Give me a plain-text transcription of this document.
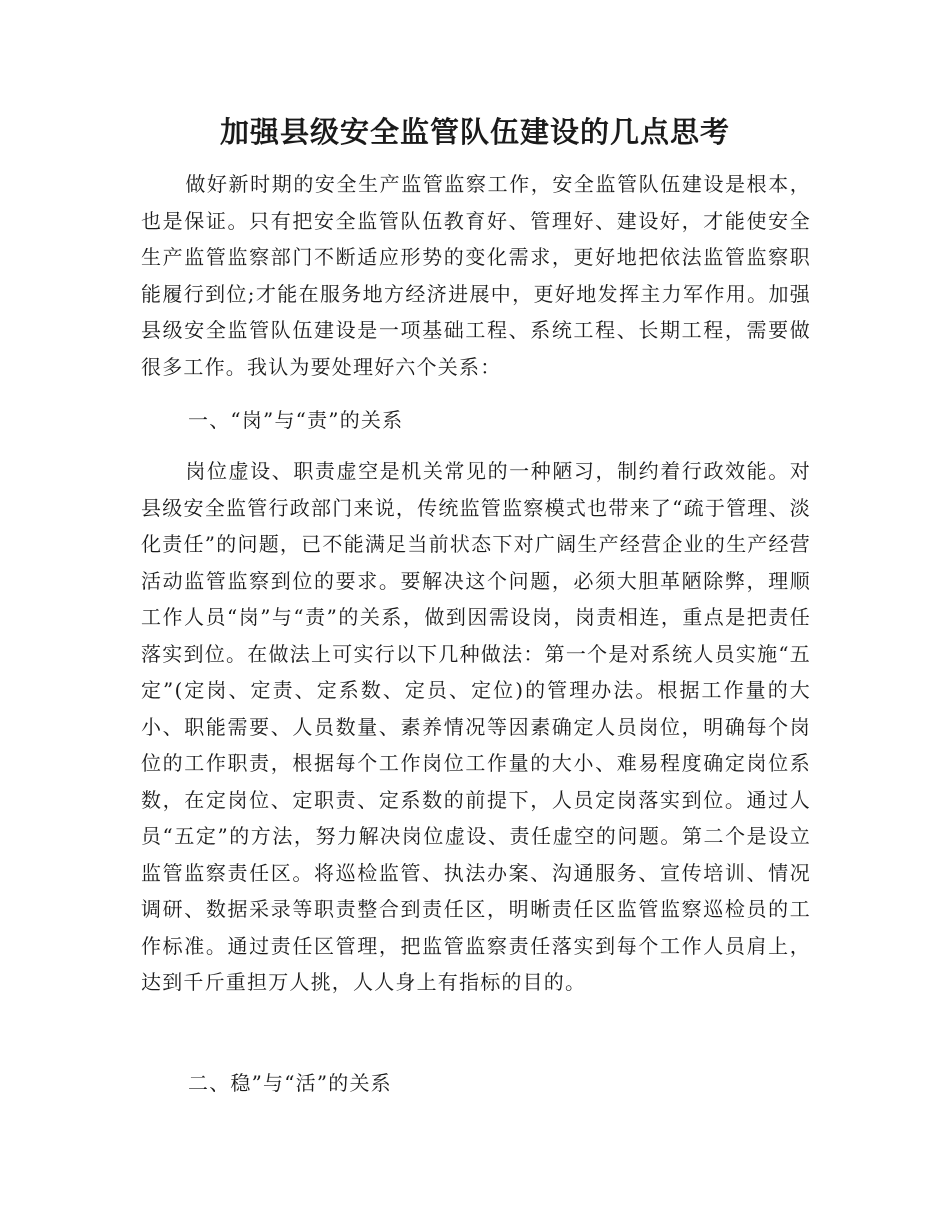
加强县级安全监管队伍建设的几点思考

做好新时期的安全生产监管监察工作，安全监管队伍建设是根本，也是保证。只有把安全监管队伍教育好、管理好、建设好，才能使安全生产监管监察部门不断适应形势的变化需求，更好地把依法监管监察职能履行到位;才能在服务地方经济进展中，更好地发挥主力军作用。加强县级安全监管队伍建设是一项基础工程、系统工程、长期工程，需要做很多工作。我认为要处理好六个关系：

一、“岗”与“责”的关系

岗位虚设、职责虚空是机关常见的一种陋习，制约着行政效能。对县级安全监管行政部门来说，传统监管监察模式也带来了“疏于管理、淡化责任”的问题，已不能满足当前状态下对广阔生产经营企业的生产经营活动监管监察到位的要求。要解决这个问题，必须大胆革陋除弊，理顺工作人员“岗”与“责”的关系，做到因需设岗，岗责相连，重点是把责任落实到位。在做法上可实行以下几种做法：第一个是对系统人员实施“五定”(定岗、定责、定系数、定员、定位)的管理办法。根据工作量的大小、职能需要、人员数量、素养情况等因素确定人员岗位，明确每个岗位的工作职责，根据每个工作岗位工作量的大小、难易程度确定岗位系数，在定岗位、定职责、定系数的前提下，人员定岗落实到位。通过人员“五定”的方法，努力解决岗位虚设、责任虚空的问题。第二个是设立监管监察责任区。将巡检监管、执法办案、沟通服务、宣传培训、情况调研、数据采录等职责整合到责任区，明晰责任区监管监察巡检员的工作标准。通过责任区管理，把监管监察责任落实到每个工作人员肩上，达到千斤重担万人挑，人人身上有指标的目的。

二、稳”与“活”的关系
